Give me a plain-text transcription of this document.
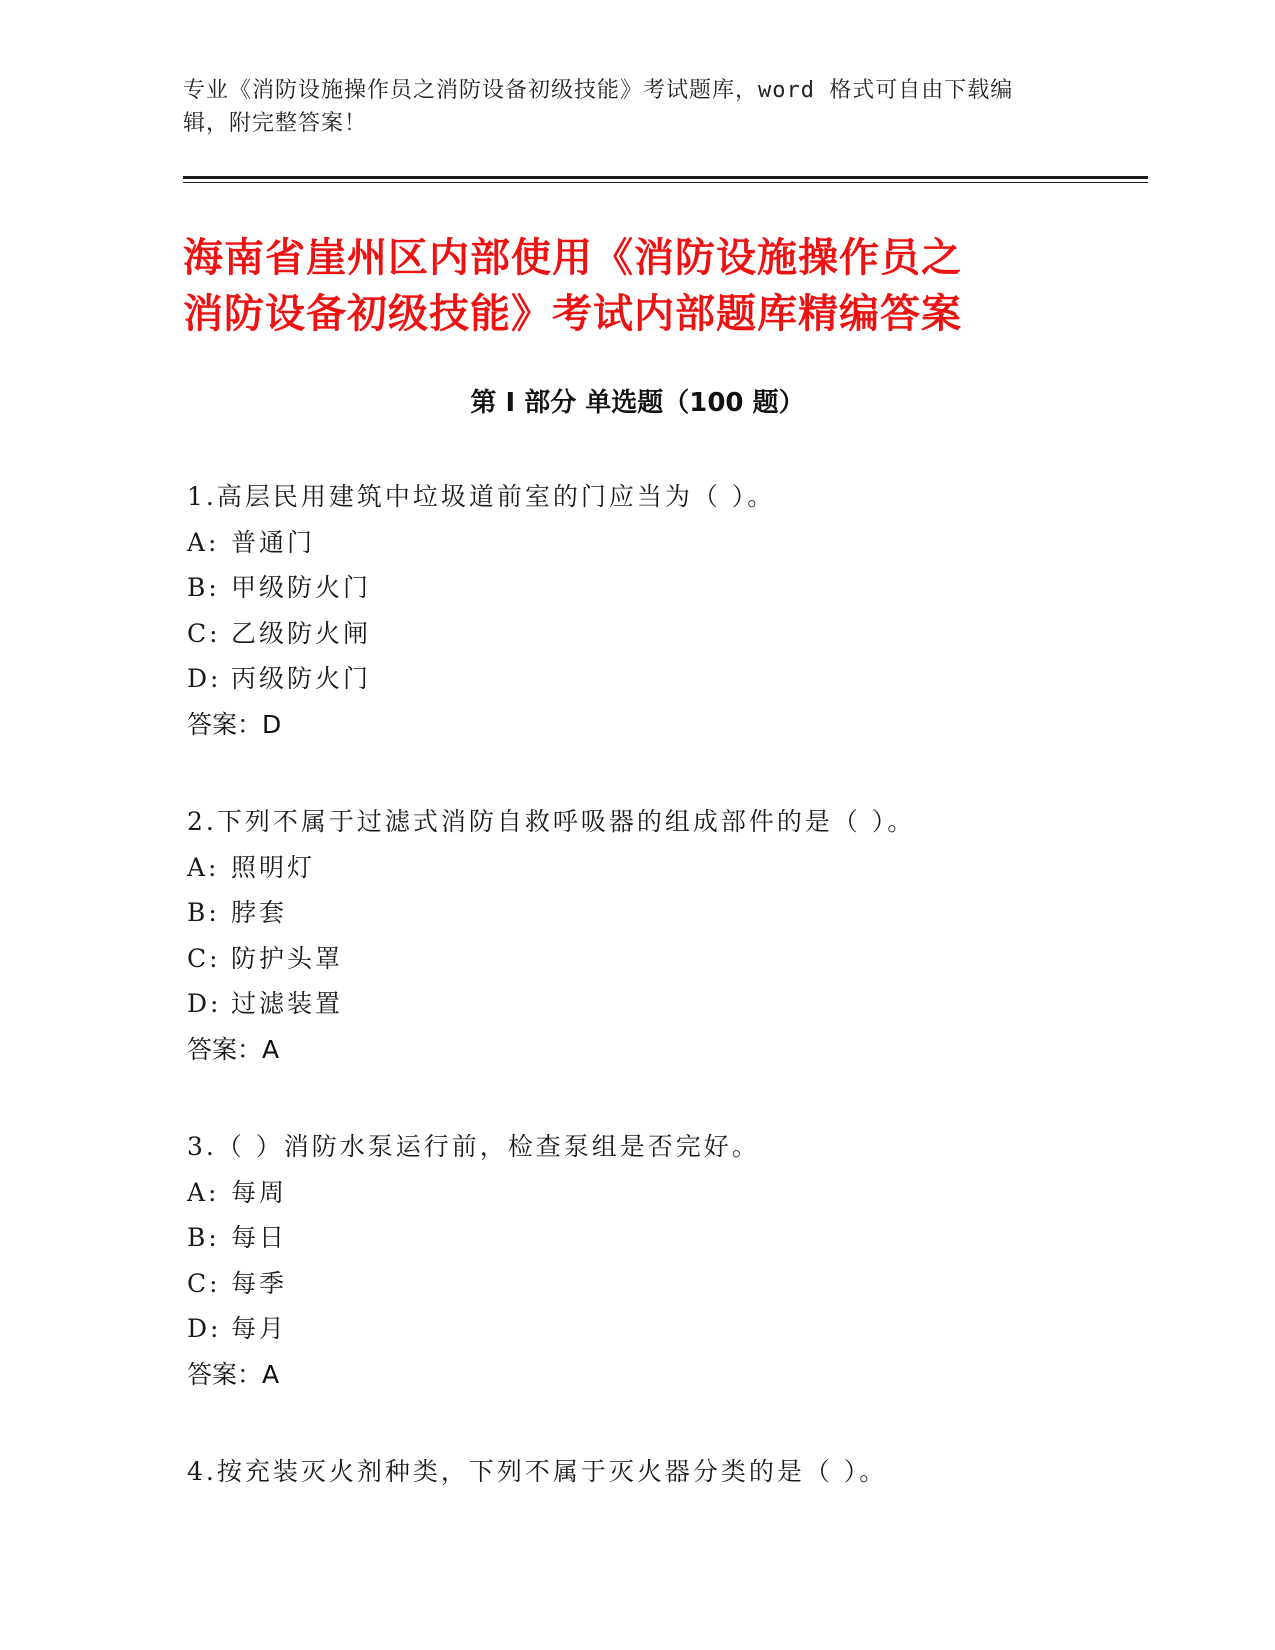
专业《消防设施操作员之消防设备初级技能》考试题库，word 格式可自由下载编
辑，附完整答案！
海南省崖州区内部使用《消防设施操作员之
消防设备初级技能》考试内部题库精编答案
第 I 部分 单选题（100 题）
1.高层民用建筑中垃圾道前室的门应当为（ ）。
A: 普通门
B: 甲级防火门
C: 乙级防火闸
D: 丙级防火门
答案：D
2.下列不属于过滤式消防自救呼吸器的组成部件的是（ ）。
A: 照明灯
B: 脖套
C: 防护头罩
D: 过滤装置
答案：A
3.（ ）消防水泵运行前，检查泵组是否完好。
A: 每周
B: 每日
C: 每季
D: 每月
答案：A
4.按充装灭火剂种类，下列不属于灭火器分类的是（ ）。
